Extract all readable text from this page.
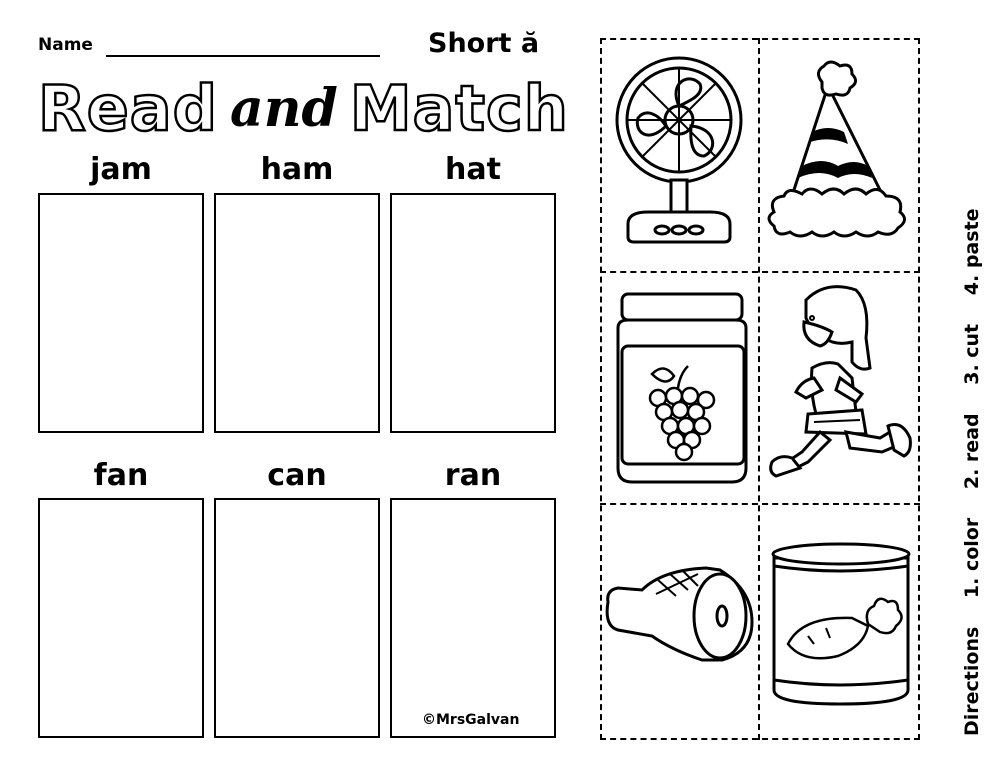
Name	Short ă
Read and Match
jam	ham	hat
fan	can	ran
©MrsGalvan	Directions 1. color 2. read 3. cut 4. paste
